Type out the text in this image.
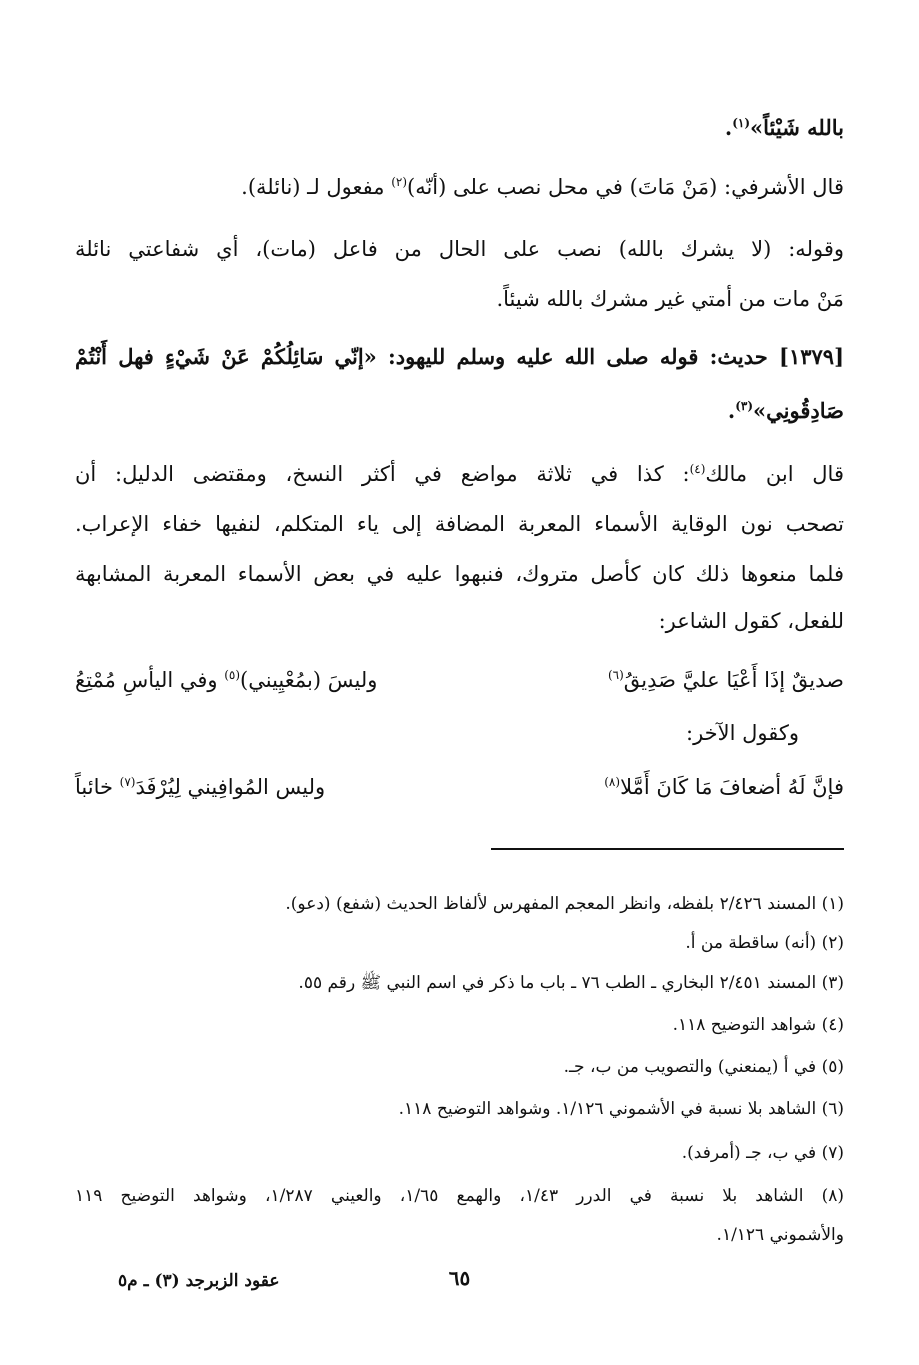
بالله شَيْئاً»$^{(١)}$.
قال الأشرفي: (مَنْ مَاتَ) في محل نصب على (أنّه)$^{(٢)}$ مفعول لـ (نائلة).
وقوله: (لا يشرك بالله) نصب على الحال من فاعل (مات)، أي شفاعتي نائلة
مَنْ مات من أمتي غير مشرك بالله شيئاً.
[١٣٧٩] حديث: قوله صلى الله عليه وسلم لليهود: «إنّي سَائِلُكُمْ عَنْ شَيْءٍ فهل أَنْتُمْ
صَادِقُونِي»$^{(٣)}$.
قال ابن مالك$^{(٤)}$: كذا في ثلاثة مواضع في أكثر النسخ، ومقتضى الدليل: أن
تصحب نون الوقاية الأسماء المعربة المضافة إلى ياء المتكلم، لنفيها خفاء الإعراب.
فلما منعوها ذلك كان كأصل متروك، فنبهوا عليه في بعض الأسماء المعربة المشابهة
للفعل، كقول الشاعر:
صديقٌ إذَا أَعْيَا عليَّ صَدِيقُ$^{(٦)}$
وليسَ (بمُعْيِيني)$^{(٥)}$ وفي اليأسِ مُمْتِعُ
وكقول الآخر:
فإنَّ لَهُ أضعافَ مَا كَانَ أَمَّلا$^{(٨)}$
وليس المُوافِيني لِيُرْفَدَ$^{(٧)}$ خائباً
(١) المسند ٢/٤٢٦ بلفظه، وانظر المعجم المفهرس لألفاظ الحديث (شفع) (دعو).
(٢) (أنه) ساقطة من أ.
(٣) المسند ٢/٤٥١ البخاري ـ الطب ٧٦ ـ باب ما ذكر في اسم النبي ﷺ رقم ٥٥.
(٤) شواهد التوضيح ١١٨.
(٥) في أ (يمنعني) والتصويب من ب، جـ.
(٦) الشاهد بلا نسبة في الأشموني ١/١٢٦. وشواهد التوضيح ١١٨.
(٧) في ب، جـ (أمرفد).
(٨) الشاهد بلا نسبة في الدرر ١/٤٣، والهمع ١/٦٥، والعيني ١/٢٨٧، وشواهد التوضيح ١١٩
والأشموني ١/١٢٦.
٦٥
عقود الزبرجد (٣) ـ م٥
